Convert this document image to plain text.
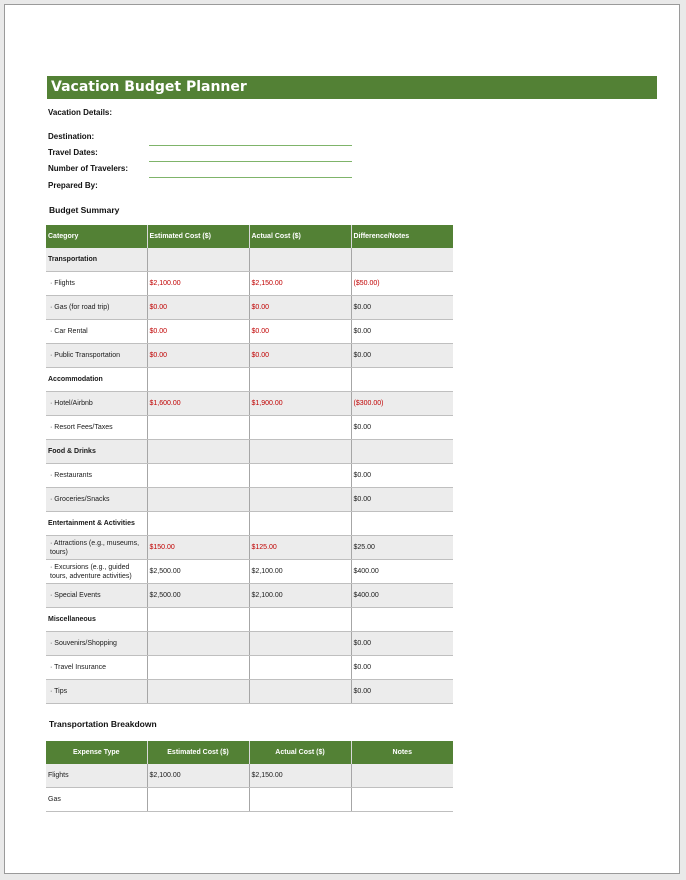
Vacation Budget Planner
Vacation Details:
Destination:
Travel Dates:
Number of Travelers:
Prepared By:
Budget Summary
Category	Estimated Cost ($)	Actual Cost ($)	Difference/Notes
Transportation			
· Flights	$2,100.00	$2,150.00	($50.00)
· Gas (for road trip)	$0.00	$0.00	$0.00
· Car Rental	$0.00	$0.00	$0.00
· Public Transportation	$0.00	$0.00	$0.00
Accommodation			
· Hotel/Airbnb	$1,600.00	$1,900.00	($300.00)
· Resort Fees/Taxes			$0.00
Food & Drinks			
· Restaurants			$0.00
· Groceries/Snacks			$0.00
Entertainment & Activities			
· Attractions (e.g., museums, tours)	$150.00	$125.00	$25.00
· Excursions (e.g., guided tours, adventure activities)	$2,500.00	$2,100.00	$400.00
· Special Events	$2,500.00	$2,100.00	$400.00
Miscellaneous			
· Souvenirs/Shopping			$0.00
· Travel Insurance			$0.00
· Tips			$0.00
Transportation Breakdown
Expense Type	Estimated Cost ($)	Actual Cost ($)	Notes
Flights	$2,100.00	$2,150.00	
Gas			
